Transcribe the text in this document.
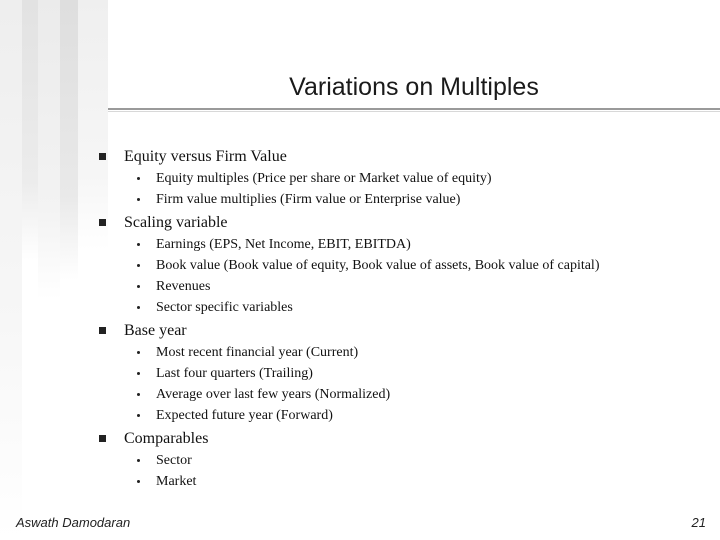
Variations on Multiples
Equity versus Firm Value
Equity multiples (Price per share or Market value of equity)
Firm value multiplies (Firm value or Enterprise value)
Scaling variable
Earnings (EPS, Net Income, EBIT, EBITDA)
Book value (Book value of equity, Book value of assets, Book value of capital)
Revenues
Sector specific variables
Base year
Most recent financial year (Current)
Last four quarters (Trailing)
Average over last few years (Normalized)
Expected future year (Forward)
Comparables
Sector
Market
Aswath Damodaran	21
